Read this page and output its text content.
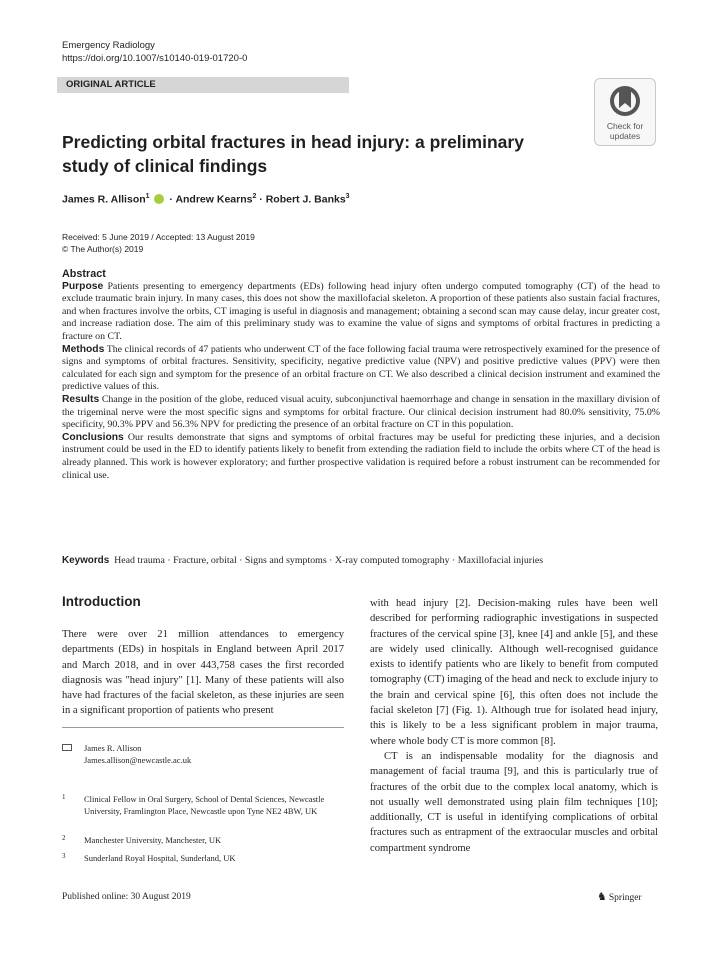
Emergency Radiology
https://doi.org/10.1007/s10140-019-01720-0
ORIGINAL ARTICLE
Check for
updates
Predicting orbital fractures in head injury: a preliminary study of clinical findings
James R. Allison$^1$ · Andrew Kearns$^2$ · Robert J. Banks$^3$
Received: 5 June 2019 / Accepted: 13 August 2019
© The Author(s) 2019
Abstract

Purpose Patients presenting to emergency departments (EDs) following head injury often undergo computed tomography (CT) of the head to exclude traumatic brain injury. In many cases, this does not show the maxillofacial skeleton. A proportion of these patients also sustain facial fractures, and when fractures involve the orbits, CT imaging is useful in diagnosis and management; obtaining a second scan may cause delay, incur greater cost, and increase radiation dose. The aim of this preliminary study was to examine the value of signs and symptoms of orbital fractures in predicting a fracture on CT.

Methods The clinical records of 47 patients who underwent CT of the face following facial trauma were retrospectively examined for the presence of signs and symptoms of orbital fractures. Sensitivity, specificity, negative predictive value (NPV) and positive predictive values (PPV) were then calculated for each sign and symptom for the presence of an orbital fracture on CT. We also described a clinical decision instrument and examined the predictive values of this.

Results Change in the position of the globe, reduced visual acuity, subconjunctival haemorrhage and change in sensation in the maxillary division of the trigeminal nerve were the most specific signs and symptoms for orbital fracture. Our clinical decision instrument had 80.0% sensitivity, 75.0% specificity, 90.3% PPV and 56.3% NPV for predicting the presence of an orbital fracture on CT in this population.

Conclusions Our results demonstrate that signs and symptoms of orbital fractures may be useful for predicting these injuries, and a decision instrument could be used in the ED to identify patients likely to benefit from extending the radiation field to include the orbits where CT of the head is already planned. This work is however exploratory; and further prospective validation is required before a robust instrument can be recommended for clinical use.

Keywords Head trauma · Fracture, orbital · Signs and symptoms · X-ray computed tomography · Maxillofacial injuries
Introduction

There were over 21 million attendances to emergency departments (EDs) in hospitals in England between April 2017 and March 2018, and in over 443,758 cases the first recorded diagnosis was "head injury" [1]. Many of these patients will also have had fractures of the facial skeleton, as these injuries are seen in a significant proportion of patients who present

with head injury [2]. Decision-making rules have been well described for performing radiographic investigations in suspected fractures of the cervical spine [3], knee [4] and ankle [5], and these are widely used clinically. Although well-recognised guidance exists to identify patients who are likely to benefit from computed tomography (CT) imaging of the head and neck to exclude injury to the brain and cervical spine [6], this often does not include the facial skeleton [7] (Fig. 1). Although true for isolated head injury, this is likely to be a less significant problem in major trauma, where whole body CT is more common [8].

CT is an indispensable modality for the diagnosis and management of facial trauma [9], and this is particularly true of fractures of the orbit due to the complex local anatomy, which is not usually well demonstrated using plain film techniques [10]; additionally, CT is useful in identifying complications of orbital fractures such as entrapment of the extraocular muscles and orbital compartment syndrome

James R. Allison
James.allison@newcastle.ac.uk
1 Clinical Fellow in Oral Surgery, School of Dental Sciences, Newcastle University, Framlington Place, Newcastle upon Tyne NE2 4BW, UK
2 Manchester University, Manchester, UK
3 Sunderland Royal Hospital, Sunderland, UK
Published online: 30 August 2019	♞ Springer
